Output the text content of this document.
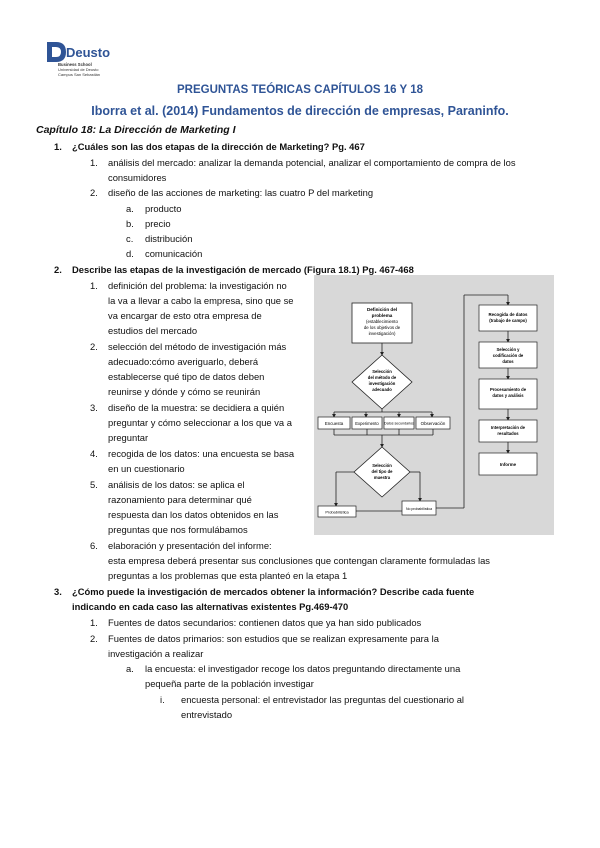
Deusto
Business School
Universidad de Deusto
Campus San Sebastián
PREGUNTAS TEÓRICAS CAPÍTULOS 16 Y 18
Iborra et al. (2014) Fundamentos de dirección de empresas, Paraninfo.
Capítulo 18: La Dirección de Marketing I
1. ¿Cuáles son las dos etapas de la dirección de Marketing? Pg. 467
1. análisis del mercado: analizar la demanda potencial, analizar el comportamiento de compra de los
consumidores
2. diseño de las acciones de marketing: las cuatro P del marketing
a. producto
b. precio
c. distribución
d. comunicación
2. Describe las etapas de la investigación de mercado (Figura 18.1) Pg. 467-468
1. definición del problema: la investigación no
la va a llevar a cabo la empresa, sino que se
va encargar de esto otra empresa de
estudios del mercado
2. selección del método de investigación más
adecuado:cómo averiguarlo, deberá
establecerse qué tipo de datos deben
reunirse y dónde y cómo se reunirán
3. diseño de la muestra: se decidiera a quién
preguntar y cómo seleccionar a los que va a
preguntar
4. recogida de los datos: una encuesta se basa
en un cuestionario
5. análisis de los datos: se aplica el
razonamiento para determinar qué
respuesta dan los datos obtenidos en las
preguntas que nos formulábamos
6. elaboración y presentación del informe:
esta empresa deberá presentar sus conclusiones que contengan claramente formuladas las
preguntas a los problemas que esta planteó en la etapa 1
Definición del
problema
(establecimiento
de los objetivos de
investigación)
Selección
del método de
investigación
adecuado
Encuesta	Experimento Datos secundarios Observación
Selección
del tipo de
muestra
Probabilística
No probabilística
Recogida de datos
(trabajo de campo)
Selección y
codificación de
datos
Procesamiento de
datos y análisis
Interpretación de
resultados
Informe
3. ¿Cómo puede la investigación de mercados obtener la información? Describe cada fuente
indicando en cada caso las alternativas existentes Pg.469-470
1. Fuentes de datos secundarios: contienen datos que ya han sido publicados
2. Fuentes de datos primarios: son estudios que se realizan expresamente para la
investigación a realizar
a. la encuesta: el investigador recoge los datos preguntando directamente una
pequeña parte de la población investigar
i. encuesta personal: el entrevistador las preguntas del cuestionario al
entrevistado
